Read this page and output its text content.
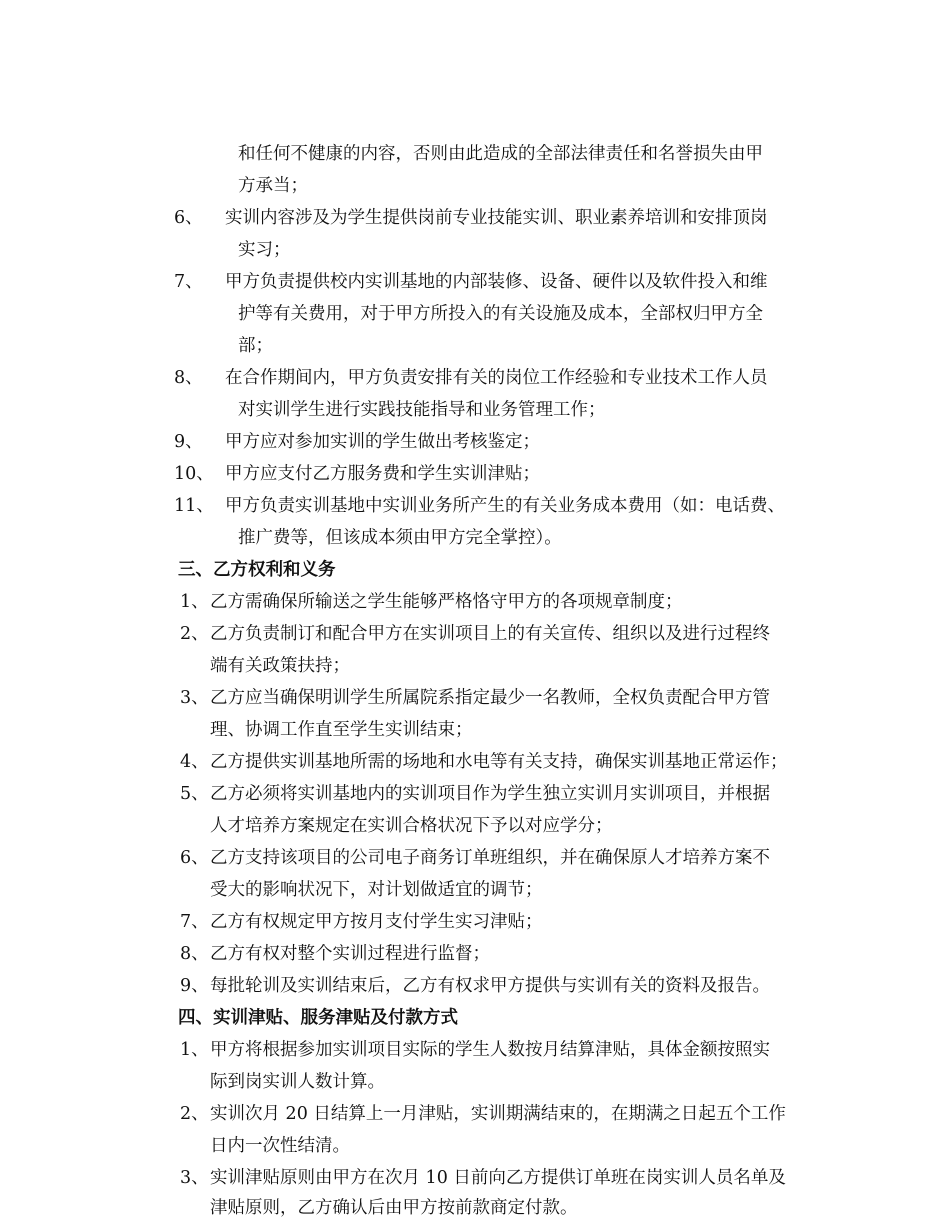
和任何不健康的内容，否则由此造成的全部法律责任和名誉损失由甲
方承当；
6、 实训内容涉及为学生提供岗前专业技能实训、职业素养培训和安排顶岗
实习；
7、 甲方负责提供校内实训基地的内部装修、设备、硬件以及软件投入和维
护等有关费用，对于甲方所投入的有关设施及成本，全部权归甲方全
部；
8、 在合作期间内，甲方负责安排有关的岗位工作经验和专业技术工作人员
对实训学生进行实践技能指导和业务管理工作；
9、 甲方应对参加实训的学生做出考核鉴定；
10、 甲方应支付乙方服务费和学生实训津贴；
11、 甲方负责实训基地中实训业务所产生的有关业务成本费用（如：电话费、
推广费等，但该成本须由甲方完全掌控）。
三、乙方权利和义务
1、 乙方需确保所输送之学生能够严格恪守甲方的各项规章制度；
2、 乙方负责制订和配合甲方在实训项目上的有关宣传、组织以及进行过程终
端有关政策扶持；
3、 乙方应当确保明训学生所属院系指定最少一名教师，全权负责配合甲方管
理、协调工作直至学生实训结束；
4、 乙方提供实训基地所需的场地和水电等有关支持，确保实训基地正常运作；
5、 乙方必须将实训基地内的实训项目作为学生独立实训月实训项目，并根据
人才培养方案规定在实训合格状况下予以对应学分；
6、 乙方支持该项目的公司电子商务订单班组织，并在确保原人才培养方案不
受大的影响状况下，对计划做适宜的调节；
7、 乙方有权规定甲方按月支付学生实习津贴；
8、 乙方有权对整个实训过程进行监督；
9、 每批轮训及实训结束后，乙方有权求甲方提供与实训有关的资料及报告。
四、实训津贴、服务津贴及付款方式
1、 甲方将根据参加实训项目实际的学生人数按月结算津贴，具体金额按照实
际到岗实训人数计算。
2、 实训次月 20 日结算上一月津贴，实训期满结束的，在期满之日起五个工作
日内一次性结清。
3、 实训津贴原则由甲方在次月 10 日前向乙方提供订单班在岗实训人员名单及
津贴原则，乙方确认后由甲方按前款商定付款。
